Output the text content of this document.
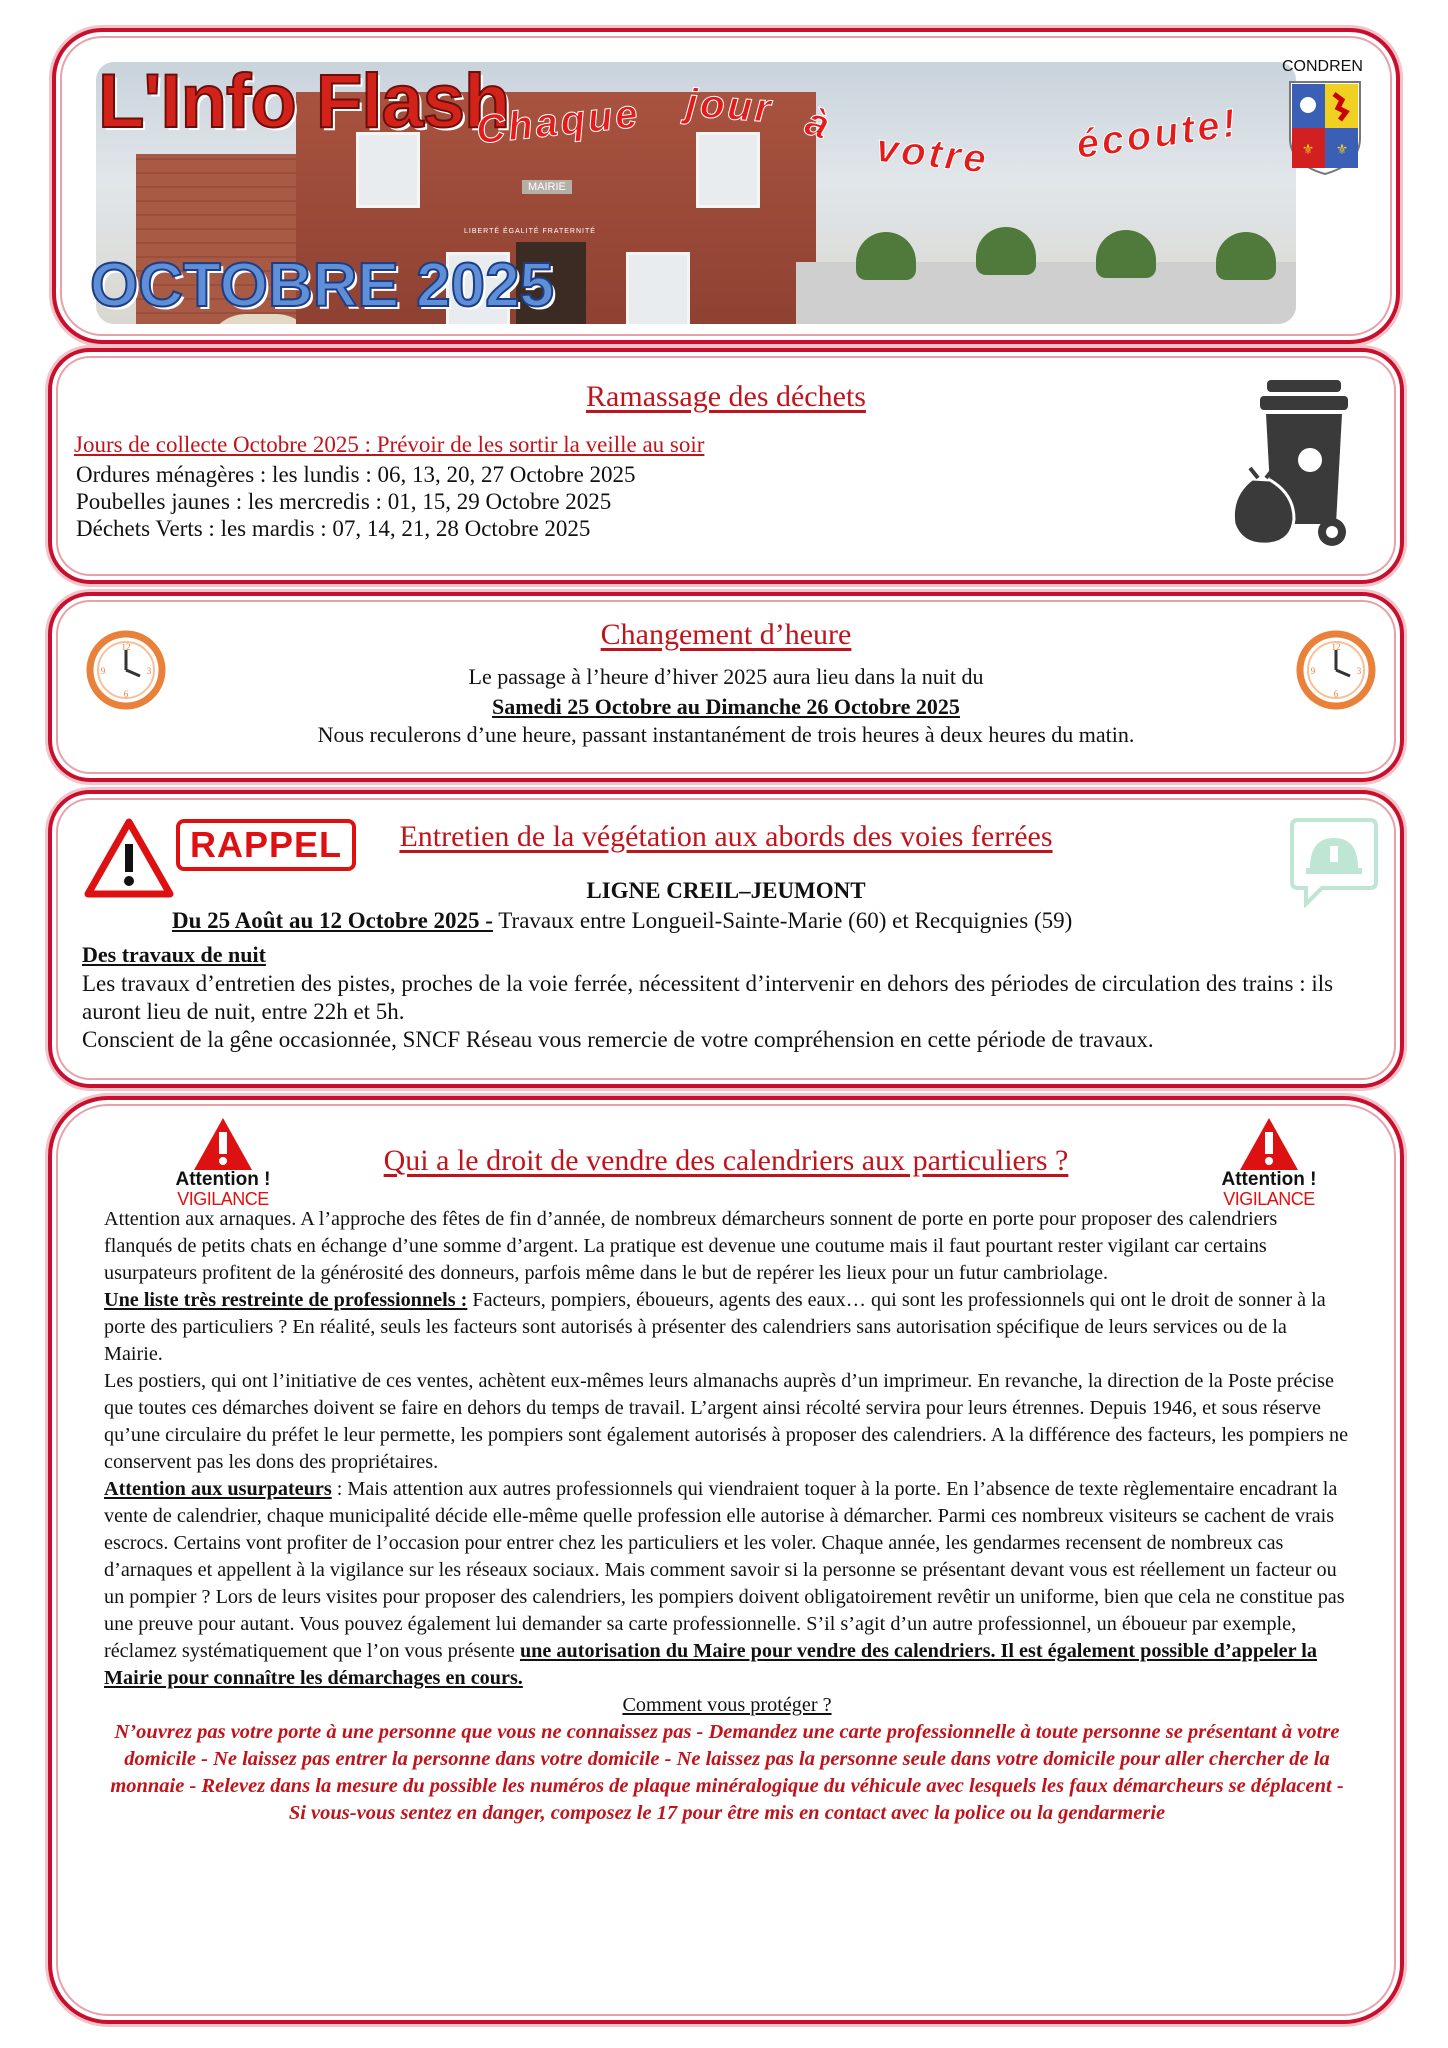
MAIRIE
LIBERTÉ ÉGALITÉ FRATERNITÉ
L'Info Flash
Chaque jour à
votre écoute!
OCTOBRE 2025
CONDREN
⚜ ⚜
Ramassage des déchets
Jours de collecte Octobre 2025 : Prévoir de les sortir la veille au soir
Ordures ménagères : les lundis : 06, 13, 20, 27 Octobre 2025
Poubelles jaunes : les mercredis : 01, 15, 29 Octobre 2025
Déchets Verts : les mardis : 07, 14, 21, 28 Octobre 2025
Changement d’heure
Le passage à l’heure d’hiver 2025 aura lieu dans la nuit du
Samedi 25 Octobre au Dimanche 26 Octobre 2025
Nous reculerons d’une heure, passant instantanément de trois heures à deux heures du matin.
12
3
6
9
12
3
6
9
RAPPEL	Entretien de la végétation aux abords des voies ferrées
LIGNE CREIL–JEUMONT
Du 25 Août au 12 Octobre 2025 - Travaux entre Longueil-Sainte-Marie (60) et Recquignies (59)
Des travaux de nuit
Les travaux d’entretien des pistes, proches de la voie ferrée, nécessitent d’intervenir en dehors des périodes de circulation des trains : ils auront lieu de nuit, entre 22h et 5h.
Conscient de la gêne occasionnée, SNCF Réseau vous remercie de votre compréhension en cette période de travaux.
Attention !
VIGILANCE
Attention !
VIGILANCE
Qui a le droit de vendre des calendriers aux particuliers ?
Attention aux arnaques. A l’approche des fêtes de fin d’année, de nombreux démarcheurs sonnent de porte en porte pour proposer des calendriers flanqués de petits chats en échange d’une somme d’argent. La pratique est devenue une coutume mais il faut pourtant rester vigilant car certains usurpateurs profitent de la générosité des donneurs, parfois même dans le but de repérer les lieux pour un futur cambriolage.
Une liste très restreinte de professionnels : Facteurs, pompiers, éboueurs, agents des eaux… qui sont les professionnels qui ont le droit de sonner à la porte des particuliers ? En réalité, seuls les facteurs sont autorisés à présenter des calendriers sans autorisation spécifique de leurs services ou de la Mairie.
Les postiers, qui ont l’initiative de ces ventes, achètent eux-mêmes leurs almanachs auprès d’un imprimeur. En revanche, la direction de la Poste précise que toutes ces démarches doivent se faire en dehors du temps de travail. L’argent ainsi récolté servira pour leurs étrennes. Depuis 1946, et sous réserve qu’une circulaire du préfet le leur permette, les pompiers sont également autorisés à proposer des calendriers. A la différence des facteurs, les pompiers ne conservent pas les dons des propriétaires.
Attention aux usurpateurs : Mais attention aux autres professionnels qui viendraient toquer à la porte. En l’absence de texte règlementaire encadrant la vente de calendrier, chaque municipalité décide elle-même quelle profession elle autorise à démarcher. Parmi ces nombreux visiteurs se cachent de vrais escrocs. Certains vont profiter de l’occasion pour entrer chez les particuliers et les voler. Chaque année, les gendarmes recensent de nombreux cas d’arnaques et appellent à la vigilance sur les réseaux sociaux. Mais comment savoir si la personne se présentant devant vous est réellement un facteur ou un pompier ? Lors de leurs visites pour proposer des calendriers, les pompiers doivent obligatoirement revêtir un uniforme, bien que cela ne constitue pas une preuve pour autant. Vous pouvez également lui demander sa carte professionnelle. S’il s’agit d’un autre professionnel, un éboueur par exemple, réclamez systématiquement que l’on vous présente une autorisation du Maire pour vendre des calendriers. Il est également possible d’appeler la Mairie pour connaître les démarchages en cours.
Comment vous protéger ?
N’ouvrez pas votre porte à une personne que vous ne connaissez pas - Demandez une carte professionnelle à toute personne se présentant à votre domicile - Ne laissez pas entrer la personne dans votre domicile - Ne laissez pas la personne seule dans votre domicile pour aller chercher de la monnaie - Relevez dans la mesure du possible les numéros de plaque minéralogique du véhicule avec lesquels les faux démarcheurs se déplacent - Si vous-vous sentez en danger, composez le 17 pour être mis en contact avec la police ou la gendarmerie
